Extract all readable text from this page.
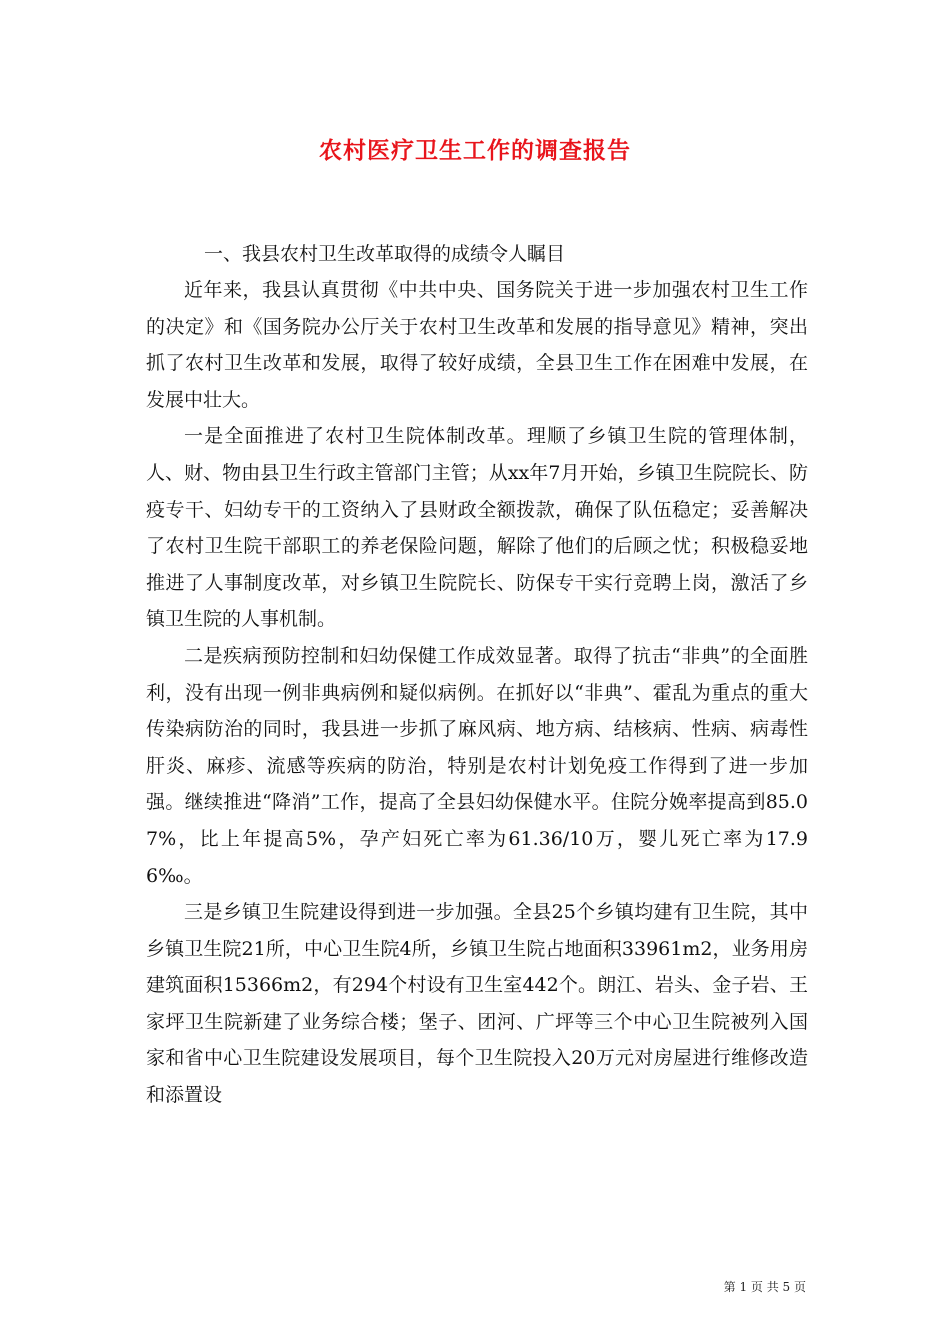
农村医疗卫生工作的调查报告

一、我县农村卫生改革取得的成绩令人瞩目

近年来，我县认真贯彻《中共中央、国务院关于进一步加强农村卫生工作的决定》和《国务院办公厅关于农村卫生改革和发展的指导意见》精神，突出抓了农村卫生改革和发展，取得了较好成绩，全县卫生工作在困难中发展，在发展中壮大。

一是全面推进了农村卫生院体制改革。理顺了乡镇卫生院的管理体制，人、财、物由县卫生行政主管部门主管；从xx年7月开始，乡镇卫生院院长、防疫专干、妇幼专干的工资纳入了县财政全额拨款，确保了队伍稳定；妥善解决了农村卫生院干部职工的养老保险问题，解除了他们的后顾之忧；积极稳妥地推进了人事制度改革，对乡镇卫生院院长、防保专干实行竞聘上岗，激活了乡镇卫生院的人事机制。

二是疾病预防控制和妇幼保健工作成效显著。取得了抗击“非典”的全面胜利，没有出现一例非典病例和疑似病例。在抓好以“非典”、霍乱为重点的重大传染病防治的同时，我县进一步抓了麻风病、地方病、结核病、性病、病毒性肝炎、麻疹、流感等疾病的防治，特别是农村计划免疫工作得到了进一步加强。继续推进“降消”工作，提高了全县妇幼保健水平。住院分娩率提高到85.07%，比上年提高5%，孕产妇死亡率为61.36/10万，婴儿死亡率为17.96‰。

三是乡镇卫生院建设得到进一步加强。全县25个乡镇均建有卫生院，其中乡镇卫生院21所，中心卫生院4所，乡镇卫生院占地面积33961m2，业务用房建筑面积15366m2，有294个村设有卫生室442个。朗江、岩头、金子岩、王家坪卫生院新建了业务综合楼；堡子、团河、广坪等三个中心卫生院被列入国家和省中心卫生院建设发展项目，每个卫生院投入20万元对房屋进行维修改造和添置设

第 1 页 共 5 页
